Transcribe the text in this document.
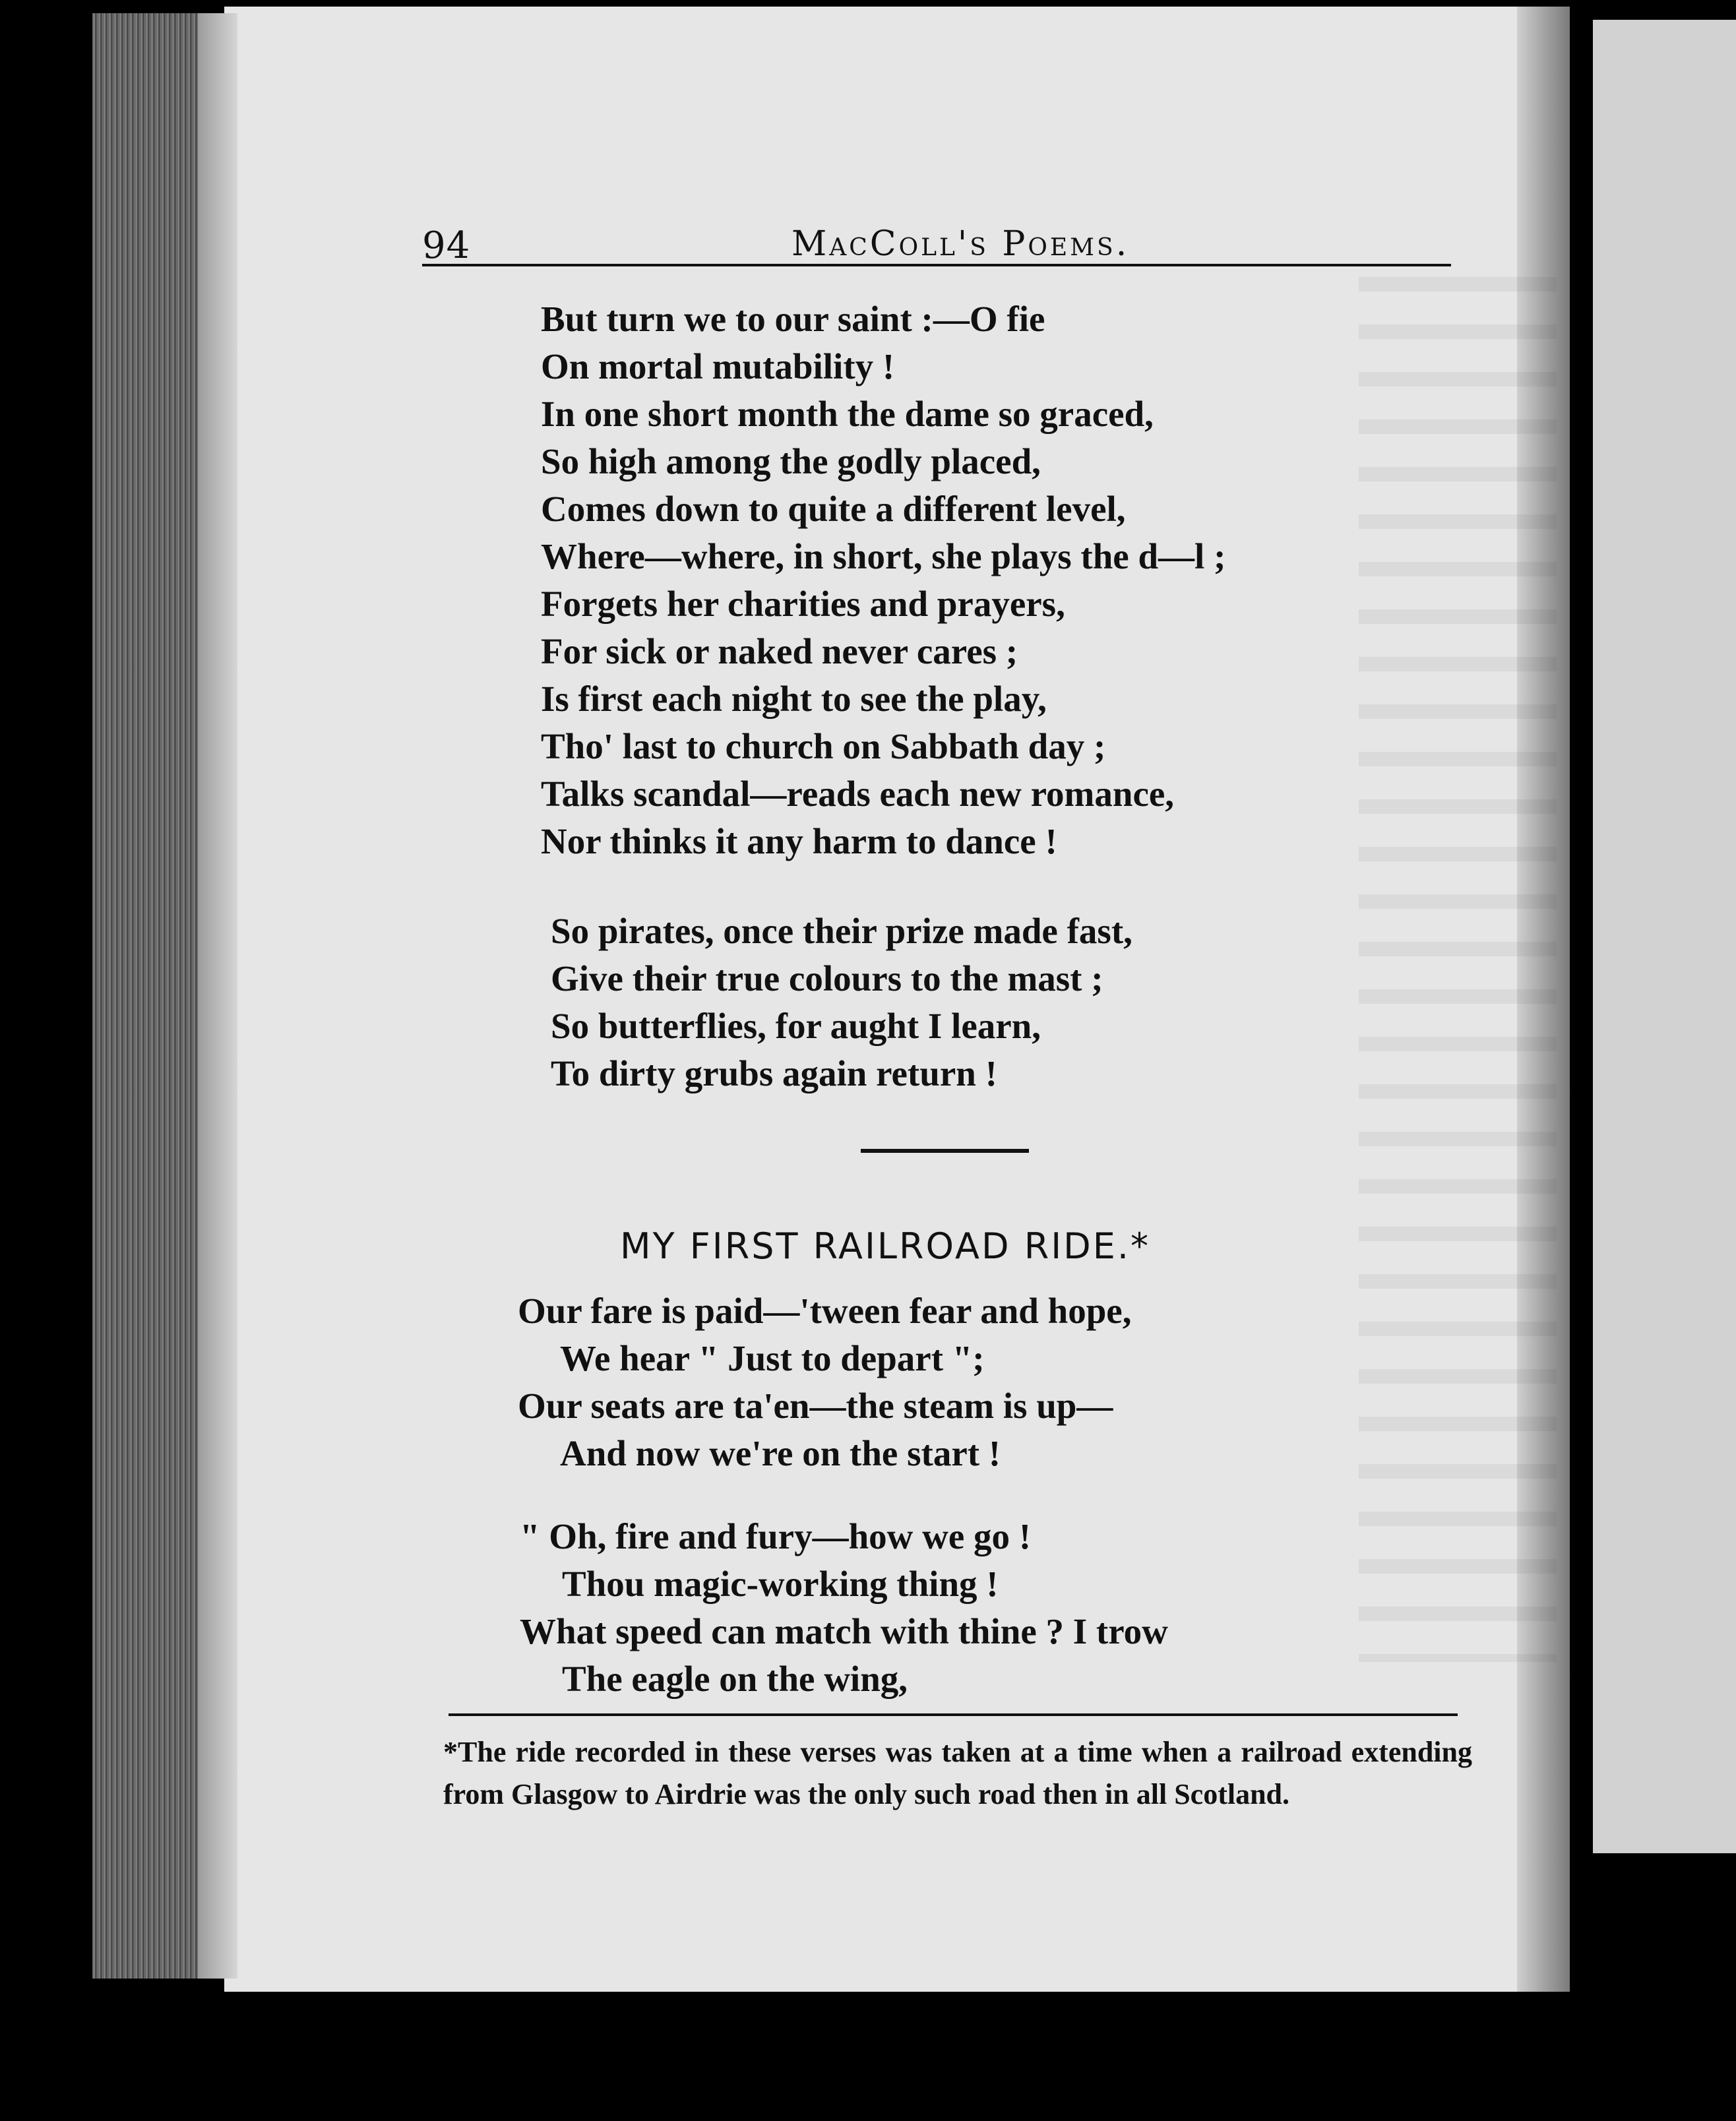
94	MacColl's Poems.
But turn we to our saint :—O fie
On mortal mutability !
In one short month the dame so graced,
So high among the godly placed,
Comes down to quite a different level,
Where—where, in short, she plays the d—l ;
Forgets her charities and prayers,
For sick or naked never cares ;
Is first each night to see the play,
Tho' last to church on Sabbath day ;
Talks scandal—reads each new romance,
Nor thinks it any harm to dance !
So pirates, once their prize made fast,
Give their true colours to the mast ;
So butterflies, for aught I learn,
To dirty grubs again return !
MY FIRST RAILROAD RIDE.*
Our fare is paid—'tween fear and hope,
We hear " Just to depart ";
Our seats are ta'en—the steam is up—
And now we're on the start !
" Oh, fire and fury—how we go !
Thou magic-working thing !
What speed can match with thine ? I trow
The eagle on the wing,
*The ride recorded in these verses was taken at a time when a railroad extending from Glasgow to Airdrie was the only such road then in all Scotland.
